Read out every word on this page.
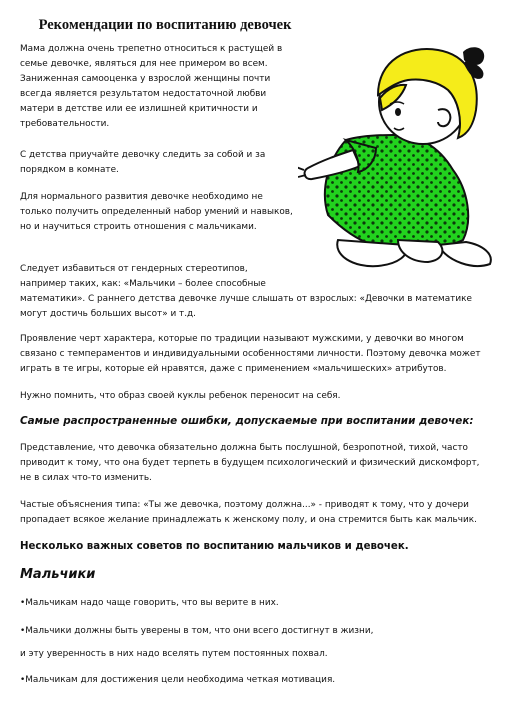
Рекомендации по воспитанию девочек

Мама должна очень трепетно относиться к растущей в семье девочке, являться для нее примером во всем. Заниженная самооценка у взрослой женщины почти всегда является результатом недостаточной любви матери в детстве или ее излишней критичности и требовательности.

С детства приучайте девочку следить за собой и за порядком в комнате.

Для нормального развития девочке необходимо не только получить определенный набор умений и навыков, но и научиться строить отношения с мальчиками.

Следует избавиться от гендерных стереотипов,

например таких, как: «Мальчики – более способные

математики». С раннего детства девочке лучше слышать от взрослых: «Девочки в математике могут достичь больших высот» и т.д.

Проявление черт характера, которые по традиции называют мужскими, у девочки во многом связано с темпераментов и индивидуальными особенностями личности. Поэтому девочка может играть в те игры, которые ей нравятся, даже с применением «мальчишеских» атрибутов.

Нужно помнить, что образ своей куклы ребенок переносит на себя.

Самые распространенные ошибки, допускаемые при воспитании девочек:

Представление, что девочка обязательно должна быть послушной, безропотной, тихой, часто приводит к тому, что она будет терпеть в будущем психологический и физический дискомфорт, не в силах что-то изменить.

Частые объяснения типа: «Ты же девочка, поэтому должна...» - приводят к тому, что у дочери пропадает всякое желание принадлежать к женскому полу, и она стремится быть как мальчик.

Несколько важных советов по воспитанию мальчиков и девочек.
Мальчики

•Мальчикам надо чаще говорить, что вы верите в них.

•Мальчики должны быть уверены в том, что они всего достигнут в жизни,

и эту уверенность в них надо вселять путем постоянных похвал.

•Мальчикам для достижения цели необходима четкая мотивация.
